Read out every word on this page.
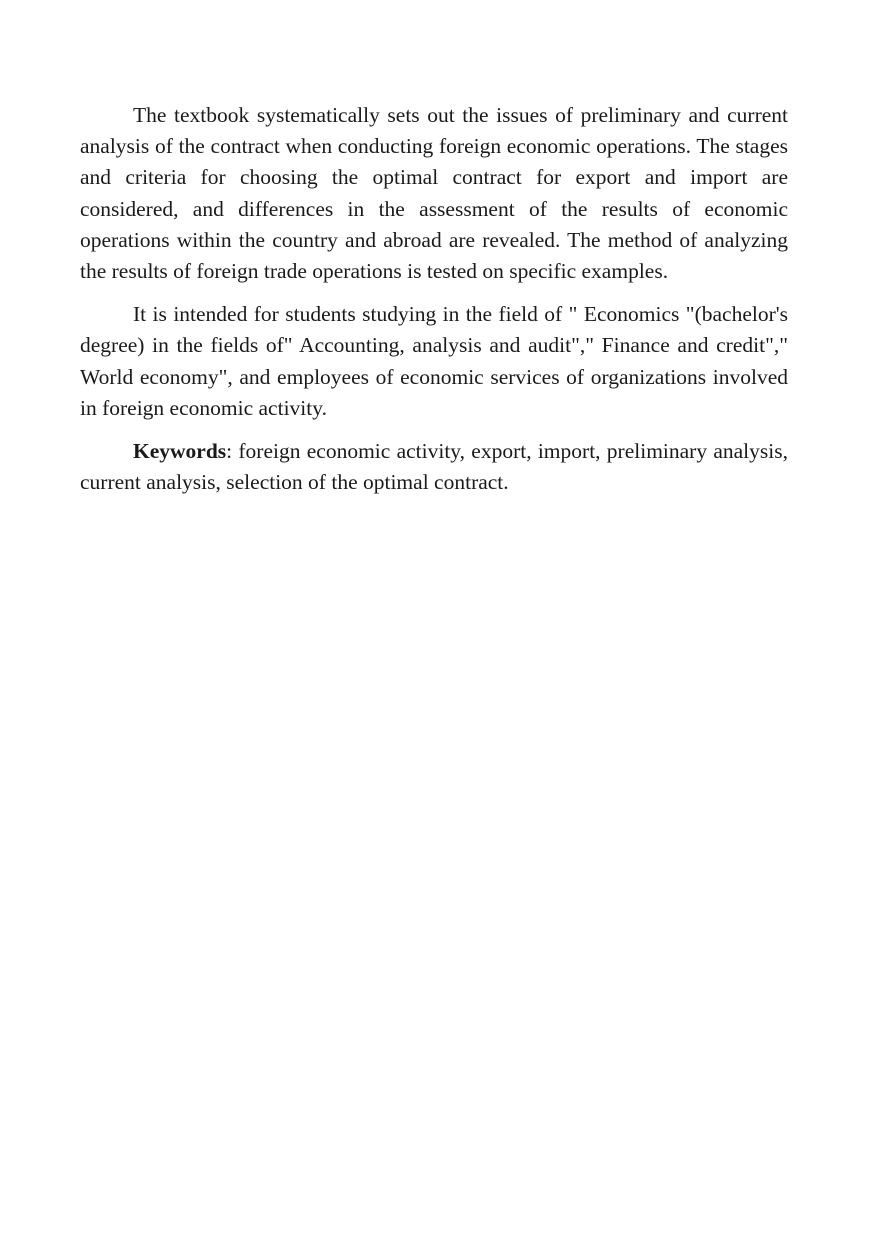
The textbook systematically sets out the issues of preliminary and current analysis of the contract when conducting foreign economic operations. The stages and criteria for choosing the optimal contract for export and import are considered, and differences in the assessment of the results of economic operations within the country and abroad are revealed. The method of analyzing the results of foreign trade operations is tested on specific examples.

It is intended for students studying in the field of " Economics "(bachelor's degree) in the fields of" Accounting, analysis and audit"," Finance and credit"," World economy", and employees of economic services of organizations involved in foreign economic activity.

Keywords: foreign economic activity, export, import, preliminary analysis, current analysis, selection of the optimal contract.
